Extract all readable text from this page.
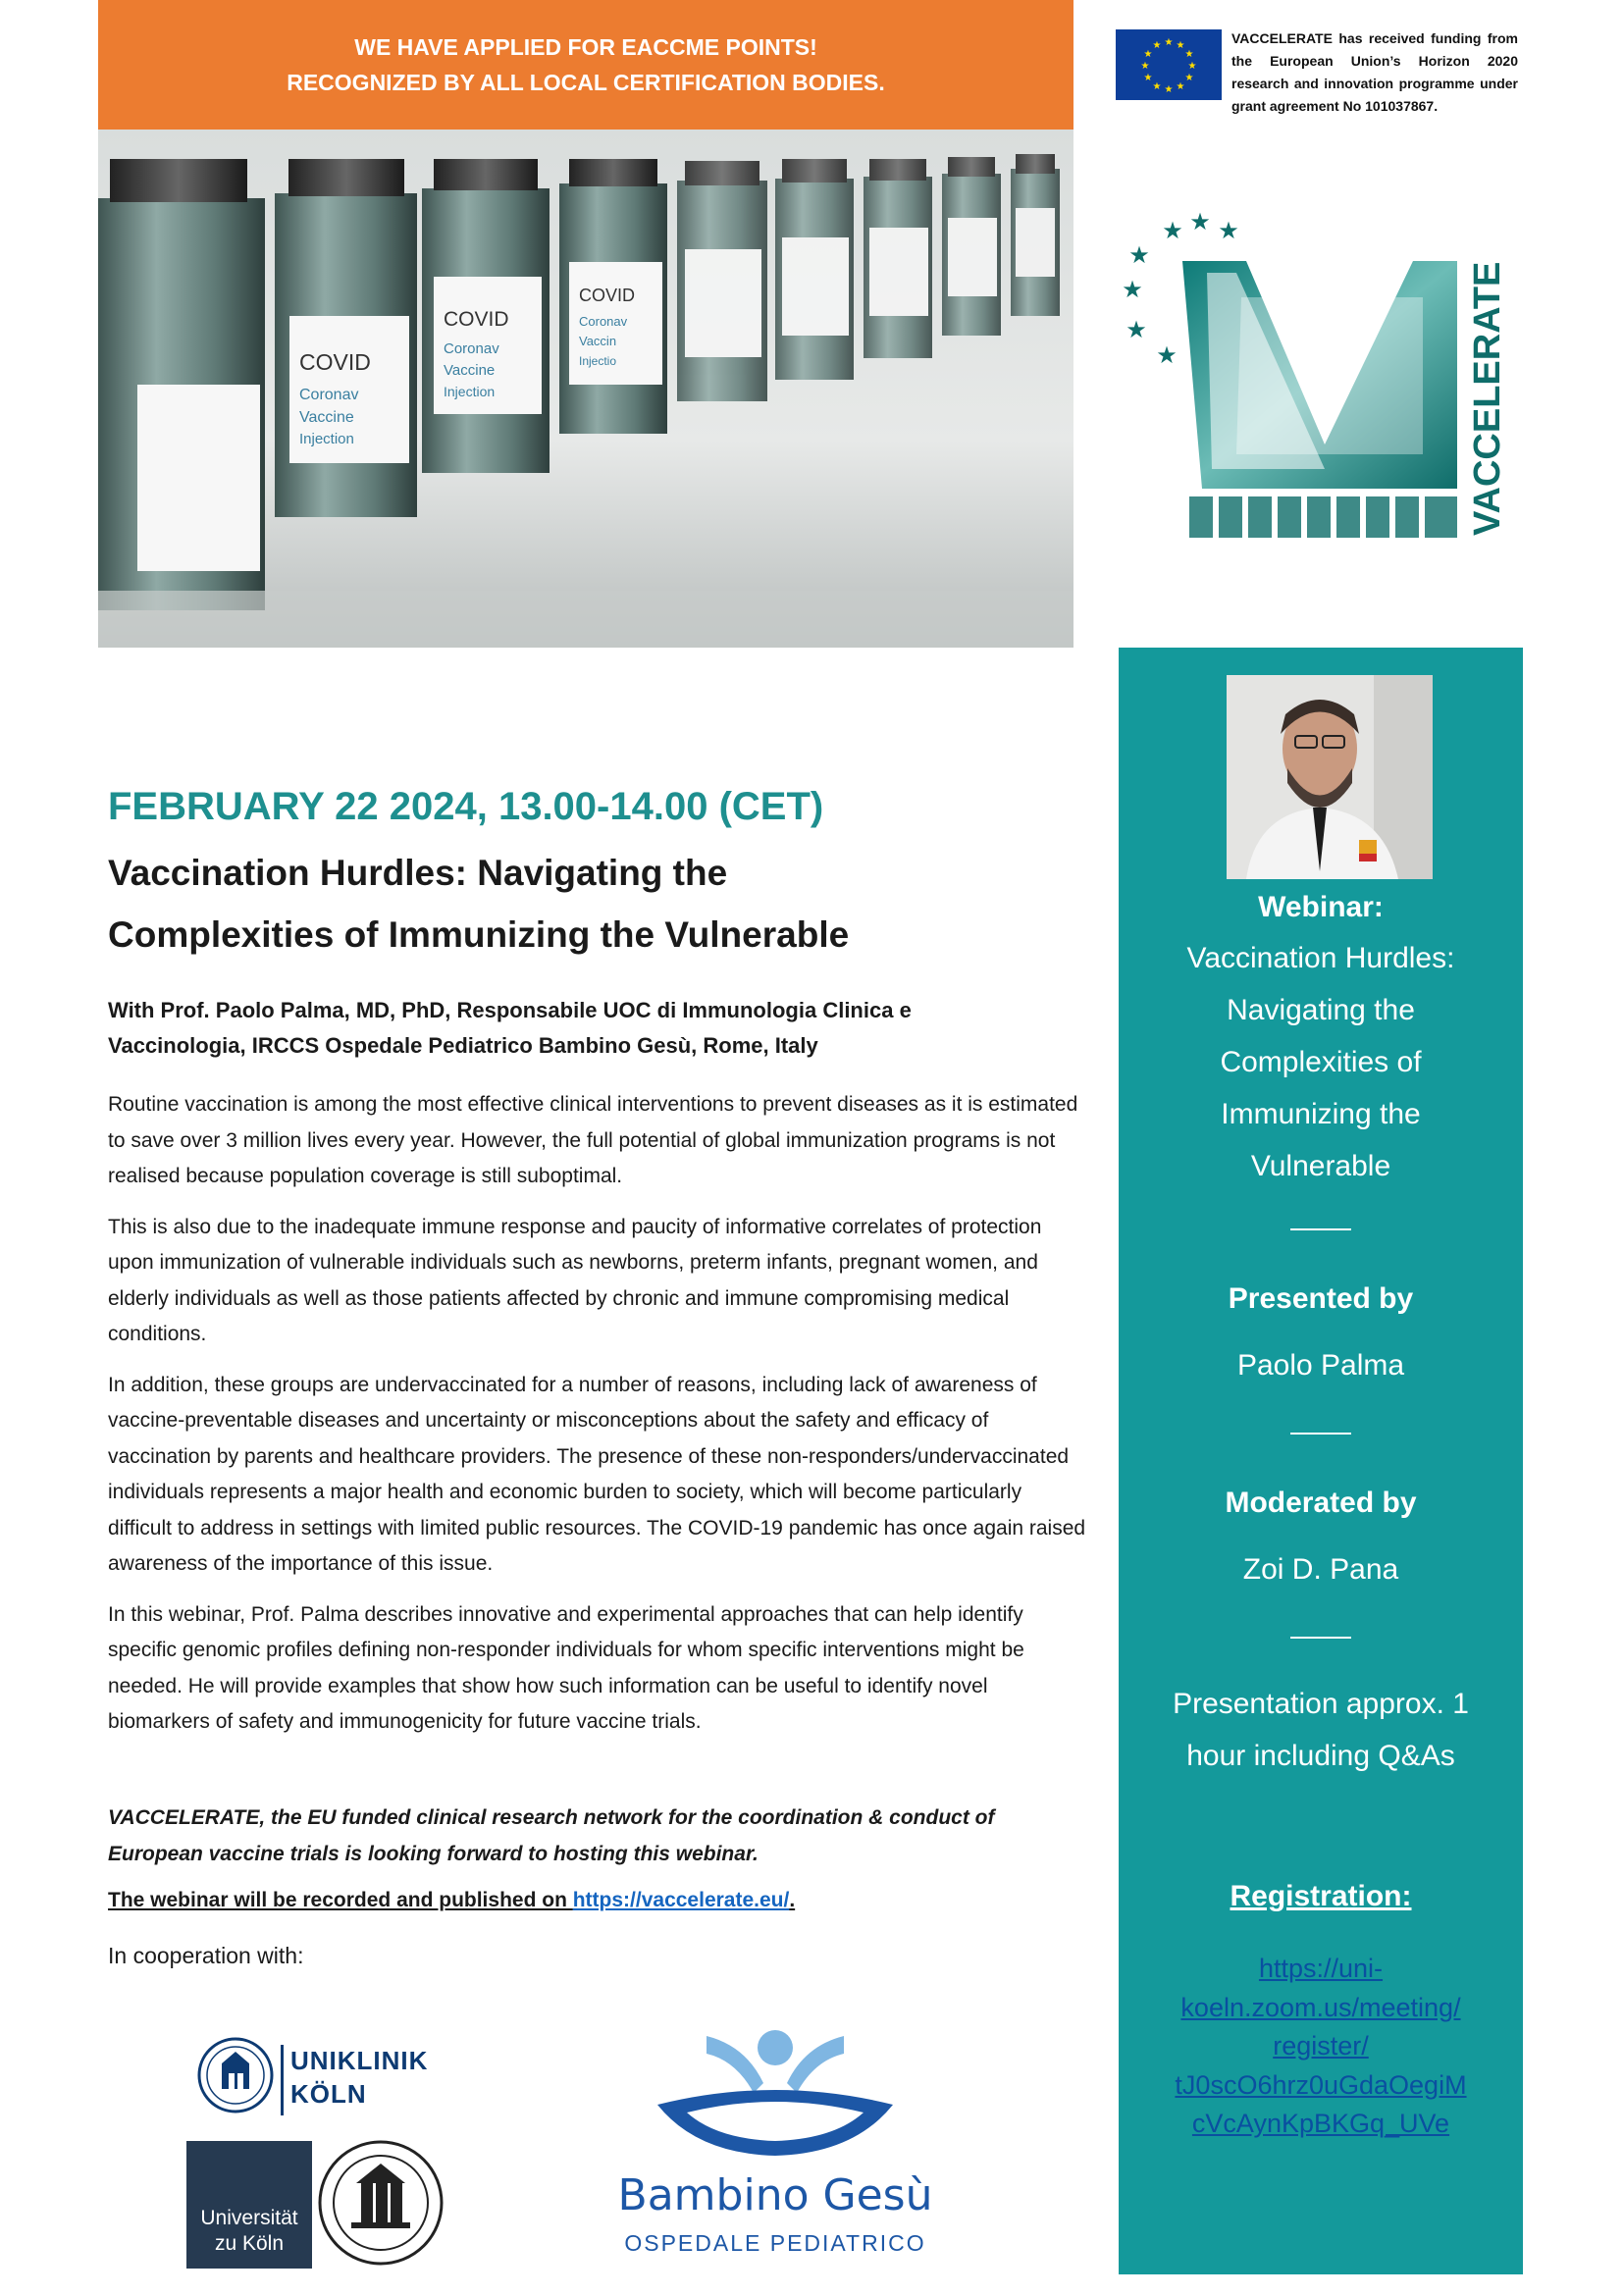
WE HAVE APPLIED FOR EACCME POINTS!
RECOGNIZED BY ALL LOCAL CERTIFICATION BODIES.
COVID
Coronav
Vaccin
Injectio
COVID
Coronav
Vaccine
Injection
COVID
Coronav
Vaccine
Injection
★ ★
★
★
★
★
★
★
★
★
★
★	VACCELERATE has received funding from the European Union’s Horizon 2020 research and innovation programme under grant agreement No 101037867.
★ ★ ★
★
★
★
★	VACCELERATE
FEBRUARY 22 2024, 13.00-14.00 (CET)
Vaccination Hurdles: Navigating the
Complexities of Immunizing the Vulnerable
With Prof. Paolo Palma, MD, PhD, Responsabile UOC di Immunologia Clinica e
Vaccinologia, IRCCS Ospedale Pediatrico Bambino Gesù, Rome, Italy

Routine vaccination is among the most effective clinical interventions to prevent diseases as it is estimated to save over 3 million lives every year. However, the full potential of global immunization programs is not realised because population coverage is still suboptimal.

This is also due to the inadequate immune response and paucity of informative correlates of protection upon immunization of vulnerable individuals such as newborns, preterm infants, pregnant women, and elderly individuals as well as those patients affected by chronic and immune compromising medical conditions.

In addition, these groups are undervaccinated for a number of reasons, including lack of awareness of vaccine-preventable diseases and uncertainty or misconceptions about the safety and efficacy of vaccination by parents and healthcare providers. The presence of these non-responders/undervaccinated individuals represents a major health and economic burden to society, which will become particularly difficult to address in settings with limited public resources. The COVID-19 pandemic has once again raised awareness of the importance of this issue.

In this webinar, Prof. Palma describes innovative and experimental approaches that can help identify specific genomic profiles defining non-responder individuals for whom specific interventions might be needed. He will provide examples that show how such information can be useful to identify novel biomarkers of safety and immunogenicity for future vaccine trials.

VACCELERATE, the EU funded clinical research network for the coordination & conduct of European vaccine trials is looking forward to hosting this webinar.
The webinar will be recorded and published on https://vaccelerate.eu/.
In cooperation with:
Webinar:
Vaccination Hurdles:
Navigating the
Complexities of
Immunizing the
Vulnerable
Presented by
Paolo Palma
Moderated by
Zoi D. Pana
Presentation approx. 1
hour including Q&As
Registration:
https://uni-
koeln.zoom.us/meeting/
register/
tJ0scO6hrz0uGdaOegiM
cVcAynKpBKGq_UVe
UNIKLINIK
KÖLN
Universität
zu Köln
Bambino Gesù
OSPEDALE PEDIATRICO
